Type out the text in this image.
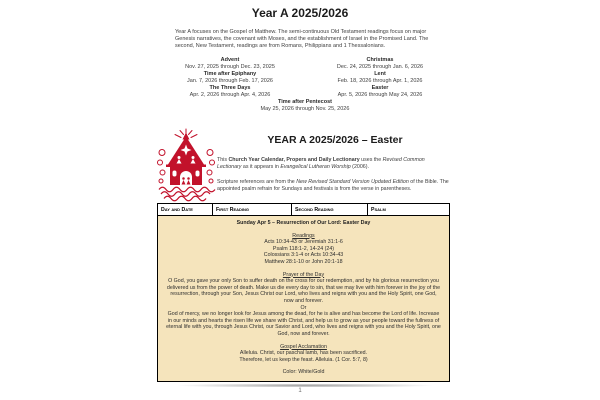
Year A 2025/2026
Year A focuses on the Gospel of Matthew. The semi-continuous Old Testament readings focus on major Genesis narratives, the covenant with Moses, and the establishment of Israel in the Promised Land. The second, New Testament, readings are from Romans, Philippians and 1 Thessalonians.
Advent
Nov. 27, 2025 through Dec. 23, 2025
Christmas
Dec. 24, 2025 through Jan. 6, 2026
Time after Epiphany
Jan. 7, 2026 through Feb. 17, 2026
Lent
Feb. 18, 2026 through Apr. 1, 2026
The Three Days
Apr. 2, 2026 through Apr. 4, 2026
Easter
Apr. 5, 2026 through May 24, 2026
Time after Pentecost
May 25, 2026 through Nov. 25, 2026
YEAR A 2025/2026 – Easter

This Church Year Calendar, Propers and Daily Lectionary uses the Revised Common Lectionary as it appears in Evangelical Lutheran Worship (2006).

Scripture references are from the New Revised Standard Version Updated Edition of the Bible. The appointed psalm refrain for Sundays and festivals is from the verse in parentheses.

Day and Date	First Reading	Second Reading	Psalm
Sunday Apr 5 – Resurrection of Our Lord: Easter Day
Readings
Acts 10:34-43 or Jeremiah 31:1-6
Psalm 118:1-2, 14-24 (24)
Colossians 3:1-4 or Acts 10:34-43
Matthew 28:1-10 or John 20:1-18
Prayer of the Day
O God, you gave your only Son to suffer death on the cross for our redemption, and by his glorious resurrection you delivered us from the power of death. Make us die every day to sin, that we may live with him forever in the joy of the resurrection, through your Son, Jesus Christ our Lord, who lives and reigns with you and the Holy Spirit, one God, now and forever.
Or
God of mercy, we no longer look for Jesus among the dead, for he is alive and has become the Lord of life. Increase in our minds and hearts the risen life we share with Christ, and help us to grow as your people toward the fullness of eternal life with you, through Jesus Christ, our Savior and Lord, who lives and reigns with you and the Holy Spirit, one God, now and forever.
Gospel Acclamation
Alleluia. Christ, our paschal lamb, has been sacrificed.
Therefore, let us keep the feast. Alleluia. (1 Cor. 5:7, 8)
Color: White/Gold
1
